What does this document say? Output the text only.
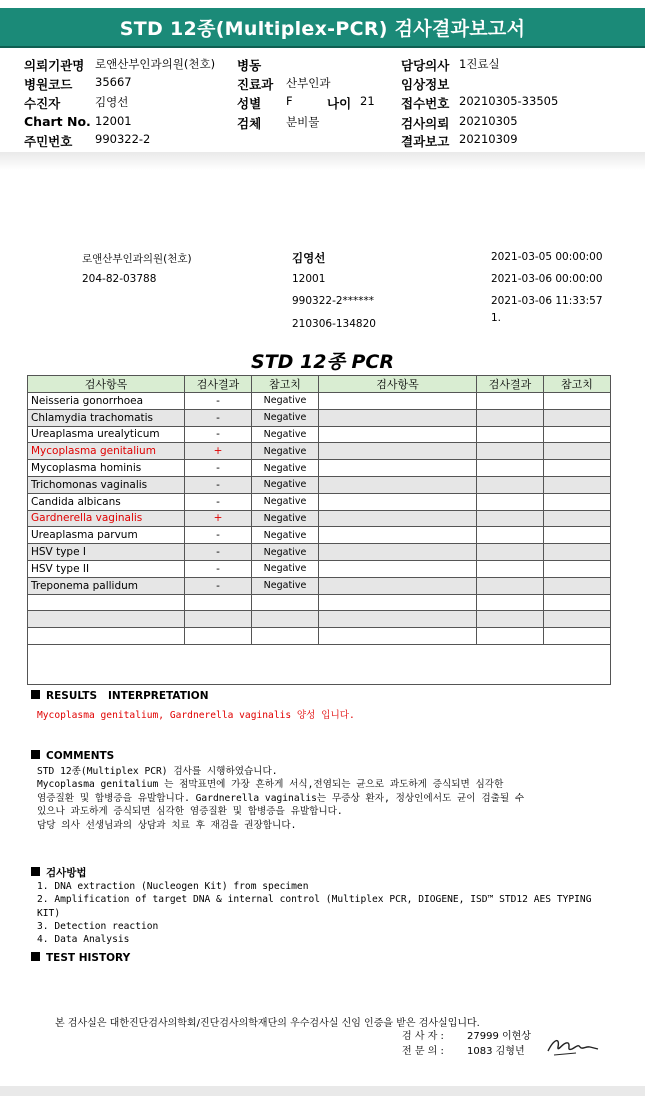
STD 12종(Multiplex-PCR) 검사결과보고서
의뢰기관명 로앤산부인과의원(천호) 병동	담당의사 1진료실
병원코드 35667	진료과 산부인과	임상정보
수진자	김영선	성별 F	나이 21 접수번호 20210305-33505
Chart No. 12001	검체 분비물	검사의뢰 20210305
주민번호 990322-2	결과보고 20210309
로앤산부인과의원(천호)
204-82-03788
김영선
12001
990322-2******
210306-134820
2021-03-05 00:00:00
2021-03-06 00:00:00
2021-03-06 11:33:57
1.
STD 12종 PCR
검사항목	검사결과	참고치	검사항목	검사결과	참고치
Neisseria gonorrhoea	-	Negative			
Chlamydia trachomatis	-	Negative			
Ureaplasma urealyticum	-	Negative			
Mycoplasma genitalium	+	Negative			
Mycoplasma hominis	-	Negative			
Trichomonas vaginalis	-	Negative			
Candida albicans	-	Negative			
Gardnerella vaginalis	+	Negative			
Ureaplasma parvum	-	Negative			
HSV type I	-	Negative			
HSV type II	-	Negative			
Treponema pallidum	-	Negative			

RESULTS   INTERPRETATION
Mycoplasma genitalium, Gardnerella vaginalis 양성 입니다.
COMMENTS
STD 12종(Multiplex PCR) 검사를 시행하였습니다.
Mycoplasma genitalium 는 점막표면에 가장 흔하게 서식,전염되는 균으로 과도하게 증식되면 심각한
염증질환 및 합병증을 유발합니다. Gardnerella vaginalis는 무증상 환자, 정상인에서도 균이 검출될 수
있으나 과도하게 증식되면 심각한 염증질환 및 합병증을 유발합니다.
담당 의사 선생님과의 상담과 치료 후 재검을 권장합니다.
검사방법
1. DNA extraction (Nucleogen Kit) from specimen
2. Amplification of target DNA & internal control (Multiplex PCR, DIOGENE, ISD™ STD12 AES TYPING
KIT)
3. Detection reaction
4. Data Analysis
TEST HISTORY
본 검사실은 대한진단검사의학회/진단검사의학재단의 우수검사실 신임 인증을 받은 검사실입니다.
검 사 자 : 27999 이현상
전 문 의 : 1083 김형년
